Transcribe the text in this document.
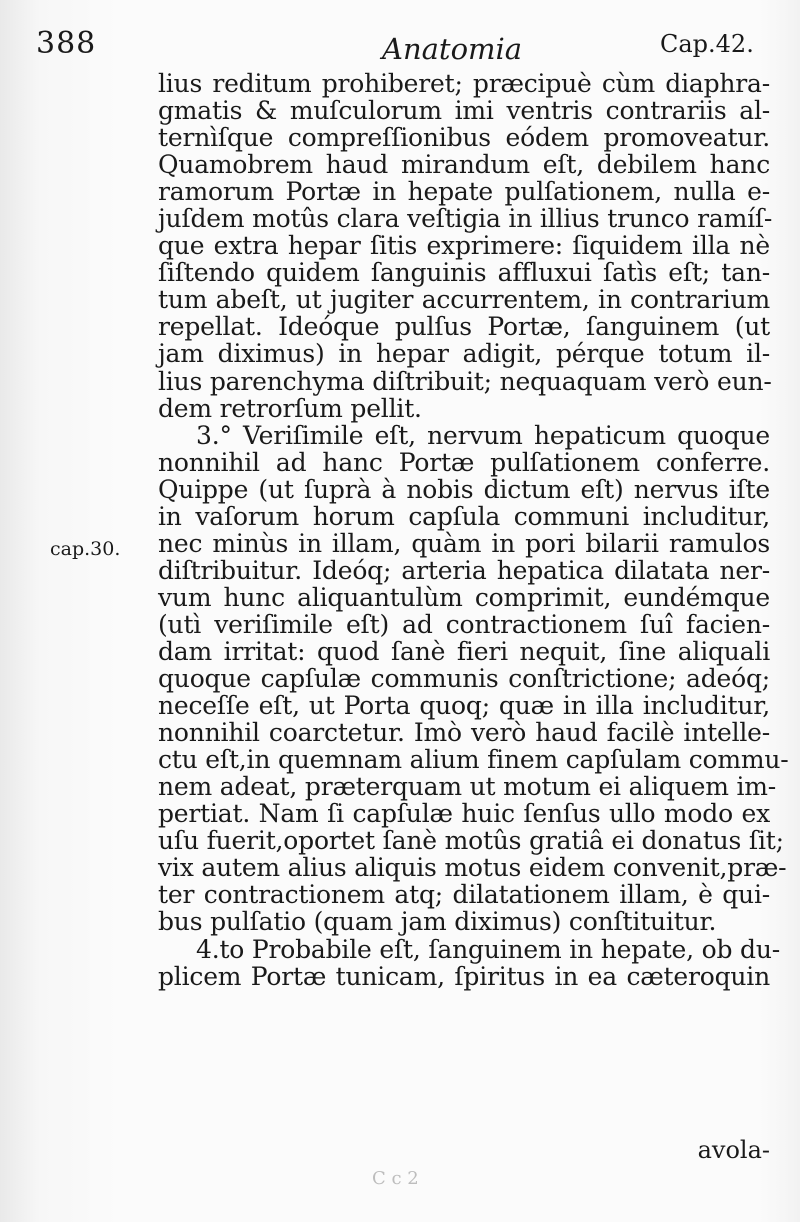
388	Anatomia	Cap.42.
cap.30.
lius reditum prohiberet; præcipuè cùm diaphra-
gmatis & muſculorum imi ventris contrariis al-
ternìſque compreſſionibus eódem promoveatur.
Quamobrem haud mirandum eſt, debilem hanc
ramorum Portæ in hepate pulſationem, nulla e-
juſdem motûs clara veſtigia in illius trunco ramíſ-
que extra hepar ſitis exprimere: ſiquidem illa nè
ſiſtendo quidem ſanguinis affluxui ſatìs eſt; tan-
tum abeſt, ut jugiter accurrentem, in contrarium
repellat. Ideóque pulſus Portæ, ſanguinem (ut
jam diximus) in hepar adigit, pérque totum il-
lius parenchyma diſtribuit; nequaquam verò eun-
dem retrorſum pellit.
3.° Veriſimile eſt, nervum hepaticum quoque
nonnihil ad hanc Portæ pulſationem conferre.
Quippe (ut ſuprà à nobis dictum eſt) nervus iſte
in vaſorum horum capſula communi includitur,
nec minùs in illam, quàm in pori bilarii ramulos
diſtribuitur. Ideóq; arteria hepatica dilatata ner-
vum hunc aliquantulùm comprimit, eundémque
(utì veriſimile eſt) ad contractionem ſuî facien-
dam irritat: quod ſanè fieri nequit, ſine aliquali
quoque capſulæ communis conſtrictione; adeóq;
neceſſe eſt, ut Porta quoq; quæ in illa includitur,
nonnihil coarctetur. Imò verò haud facilè intelle-
ctu eſt,in quemnam alium finem capſulam commu-
nem adeat, præterquam ut motum ei aliquem im-
pertiat. Nam ſi capſulæ huic ſenſus ullo modo ex
uſu fuerit,oportet ſanè motûs gratiâ ei donatus ſit;
vix autem alius aliquis motus eidem convenit,præ-
ter contractionem atq; dilatationem illam, è qui-
bus pulſatio (quam jam diximus) conſtituitur.
4.to Probabile eſt, ſanguinem in hepate, ob du-
plicem Portæ tunicam, ſpiritus in ea cæteroquin
avola-
C c 2
